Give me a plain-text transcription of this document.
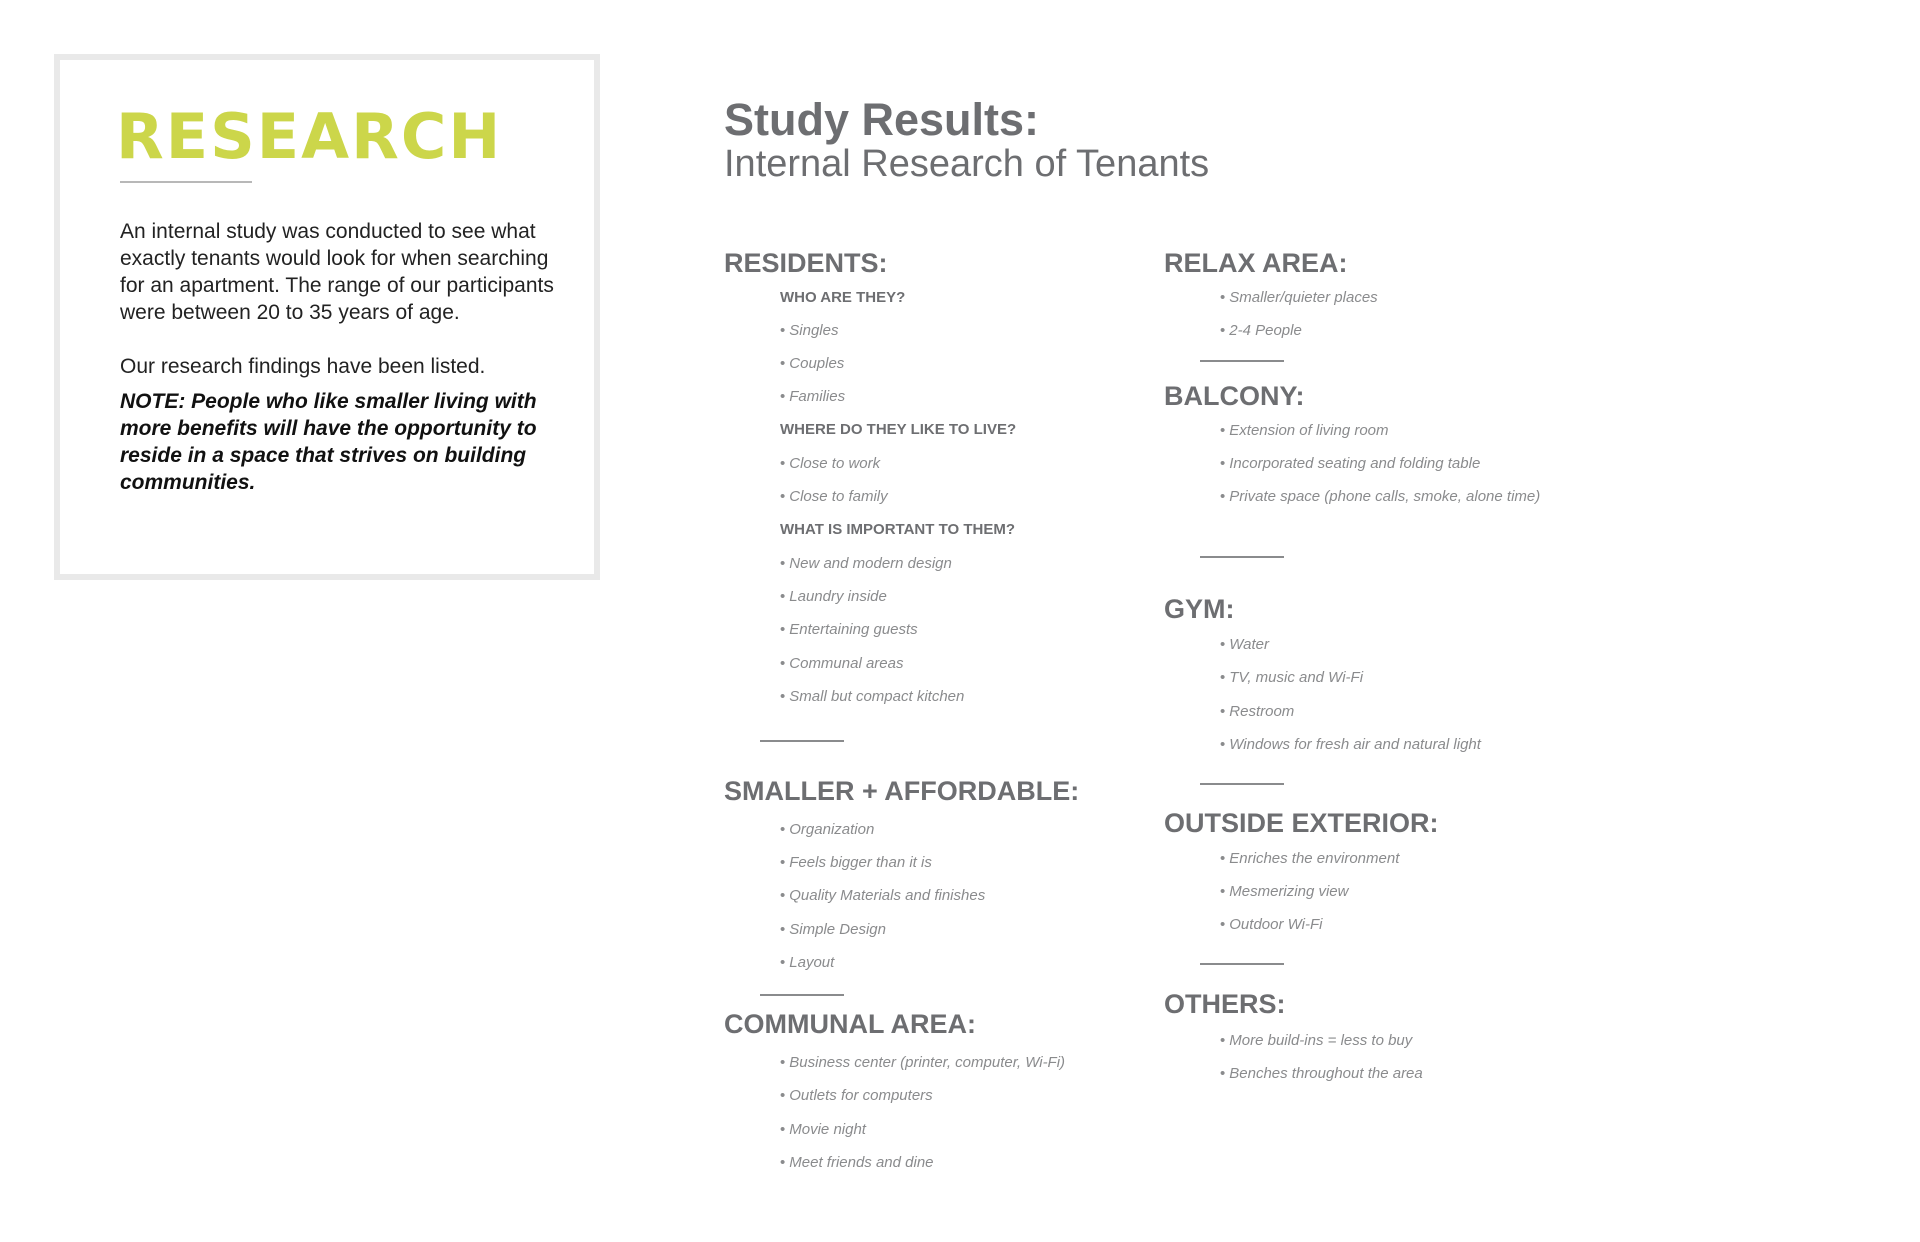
RESEARCH

An internal study was conducted to see what exactly tenants would look for when searching for an apartment. The range of our participants were between 20 to 35 years of age.

Our research findings have been listed.

NOTE: People who like smaller living with more benefits will have the opportunity to reside in a space that strives on building communities.

Study Results:
Internal Research of Tenants
RESIDENTS:
WHO ARE THEY?
• Singles
• Couples
• Families
WHERE DO THEY LIKE TO LIVE?
• Close to work
• Close to family
WHAT IS IMPORTANT TO THEM?
• New and modern design
• Laundry inside
• Entertaining guests
• Communal areas
• Small but compact kitchen
SMALLER + AFFORDABLE:
• Organization
• Feels bigger than it is
• Quality Materials and finishes
• Simple Design
• Layout
COMMUNAL AREA:
• Business center (printer, computer, Wi-Fi)
• Outlets for computers
• Movie night
• Meet friends and dine
RELAX AREA:
• Smaller/quieter places
• 2-4 People
BALCONY:
• Extension of living room
• Incorporated seating and folding table
• Private space (phone calls, smoke, alone time)
GYM:
• Water
• TV, music and Wi-Fi
• Restroom
• Windows for fresh air and natural light
OUTSIDE EXTERIOR:
• Enriches the environment
• Mesmerizing view
• Outdoor Wi-Fi
OTHERS:
• More build-ins = less to buy
• Benches throughout the area
